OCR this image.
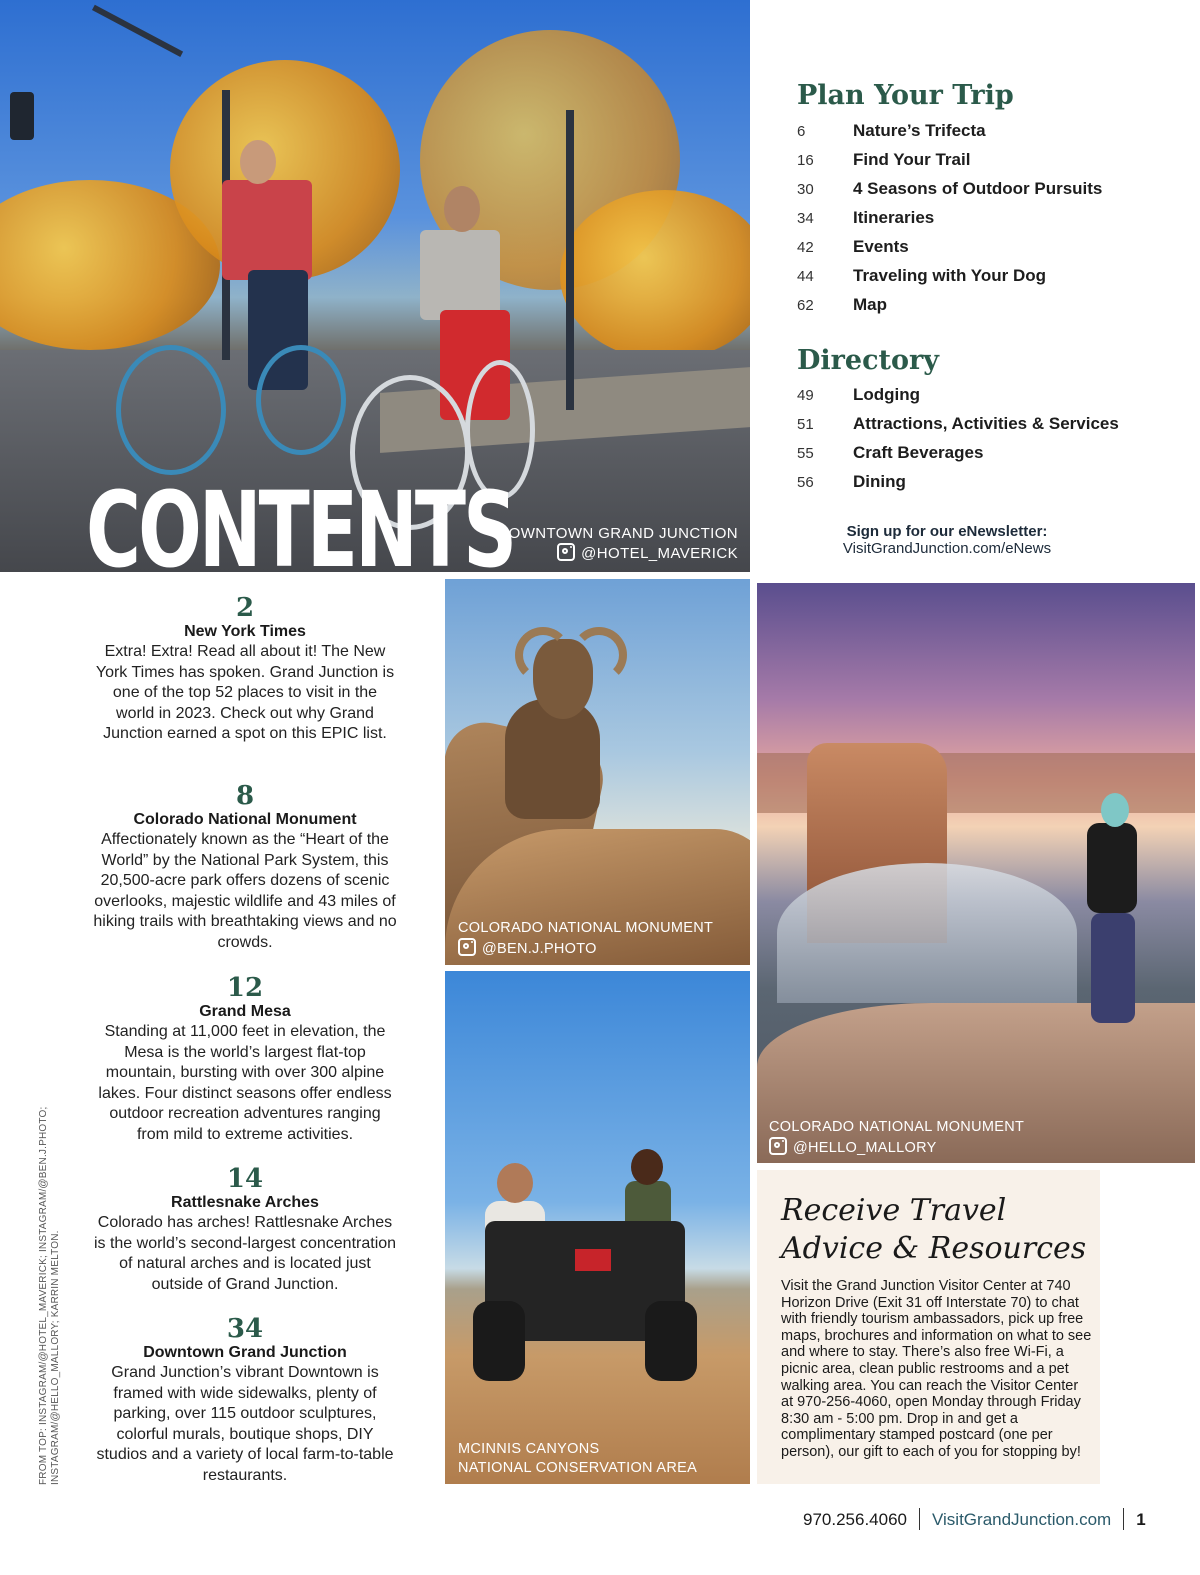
CONTENTS
DOWNTOWN GRAND JUNCTION
@HOTEL_MAVERICK
Plan Your Trip
6	Nature’s Trifecta
16 Find Your Trail
30 4 Seasons of Outdoor Pursuits
34 Itineraries
42 Events
44 Traveling with Your Dog
62 Map
Directory
49 Lodging
51 Attractions, Activities & Services
55 Craft Beverages
56 Dining
Sign up for our eNewsletter:
VisitGrandJunction.com/eNews
2
New York Times
Extra! Extra! Read all about it! The New York Times has spoken. Grand Junction is one of the top 52 places to visit in the world in 2023. Check out why Grand Junction earned a spot on this EPIC list.
8
Colorado National Monument
Affectionately known as the “Heart of the World” by the National Park System, this 20,500-acre park offers dozens of scenic overlooks, majestic wildlife and 43 miles of hiking trails with breathtaking views and no crowds.
12
Grand Mesa
Standing at 11,000 feet in elevation, the Mesa is the world’s largest flat-top mountain, bursting with over 300 alpine lakes. Four distinct seasons offer endless outdoor recreation adventures ranging from mild to extreme activities.
14
Rattlesnake Arches
Colorado has arches! Rattlesnake Arches is the world’s second-largest concentration of natural arches and is located just outside of Grand Junction.
34
Downtown Grand Junction
Grand Junction’s vibrant Downtown is framed with wide sidewalks, plenty of parking, over 115 outdoor sculptures, colorful murals, boutique shops, DIY studios and a variety of local farm-to-table restaurants.
FROM TOP: INSTAGRAM/@HOTEL_MAVERICK; INSTAGRAM/@BEN.J.PHOTO; INSTAGRAM/@HELLO_MALLORY; KARRIN MELTON.
COLORADO NATIONAL MONUMENT
@BEN.J.PHOTO
MCINNIS CANYONS
NATIONAL CONSERVATION AREA
COLORADO NATIONAL MONUMENT
@HELLO_MALLORY
Receive Travel
Advice & Resources
Visit the Grand Junction Visitor Center at 740 Horizon Drive (Exit 31 off Interstate 70) to chat with friendly tourism ambassadors, pick up free maps, brochures and information on what to see and where to stay. There’s also free Wi-Fi, a picnic area, clean public restrooms and a pet walking area. You can reach the Visitor Center at 970-256-4060, open Monday through Friday 8:30 am - 5:00 pm. Drop in and get a complimentary stamped postcard (one per person), our gift to each of you for stopping by!
970.256.4060 VisitGrandJunction.com 1
